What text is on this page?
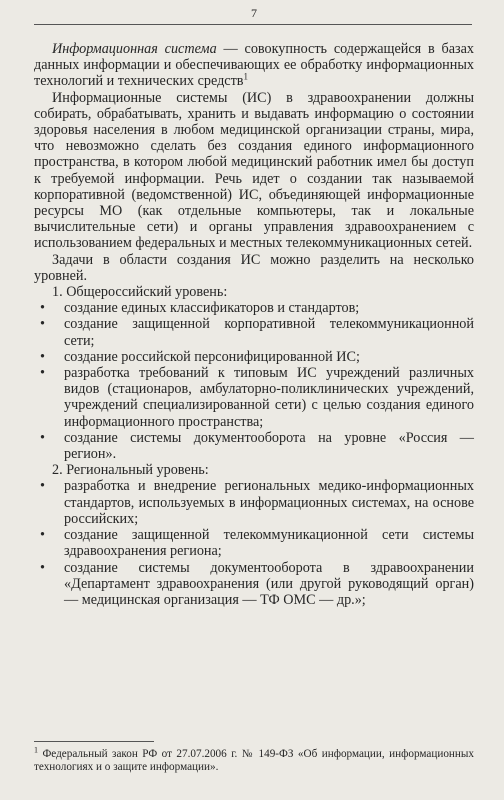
7

Информационная система — совокупность содержащейся в базах данных информации и обеспечивающих ее обработку информационных технологий и технических средств$^1$

Информационные системы (ИС) в здравоохранении должны собирать, обрабатывать, хранить и выдавать информацию о состоянии здоровья населения в любом медицинской организации страны, мира, что невозможно сделать без создания единого информационного пространства, в котором любой медицинский работник имел бы доступ к требуемой информации. Речь идет о создании так называемой корпоративной (ведомственной) ИС, объединяющей информационные ресурсы МО (как отдельные компьютеры, так и локальные вычислительные сети) и органы управления здравоохранением с использованием федеральных и местных телекоммуникационных сетей.

Задачи в области создания ИС можно разделить на несколько уровней.

1. Общероссийский уровень:

• создание единых классификаторов и стандартов;
• создание защищенной корпоративной телекоммуникационной сети;
• создание российской персонифицированной ИС;
• разработка требований к типовым ИС учреждений различных видов (стационаров, амбулаторно-поликлинических учреждений, учреждений специализированной сети) с целью создания единого информационного пространства;
• создание системы документооборота на уровне «Россия — регион».

2. Региональный уровень:

• разработка и внедрение региональных медико-информационных стандартов, используемых в информационных системах, на основе российских;
• создание защищенной телекоммуникационной сети системы здравоохранения региона;
• создание системы документооборота в здравоохранении «Департамент здравоохранения (или другой руководящий орган) — медицинская организация — ТФ ОМС — др.»;
$^1$ Федеральный закон РФ от 27.07.2006 г. № 149-ФЗ «Об информации, информационных технологиях и о защите информации».
